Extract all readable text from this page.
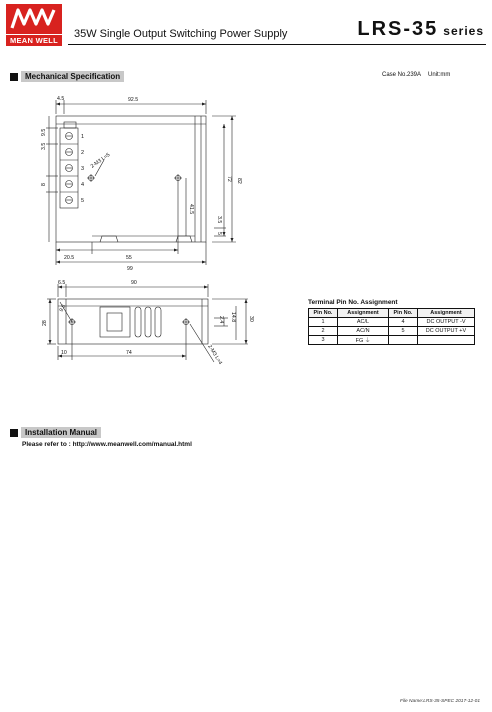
MEAN WELL
35W Single Output Switching Power Supply	LRS-35 series
Mechanical Specification	Case No.239A Unit:mm
4.5	92.5
9.5
3.5
8
20.5	55
99
82
72
41.5
3.5
5
2-M3 L=5
6.5	90
28	2.4 14.8 30
10	74	2-M3 L=4
9.5
1
2
3
4
5
Terminal Pin No. Assignment
Pin No.	Assignment	Pin No.	Assignment
1	AC/L	4	DC OUTPUT -V
2	AC/N	5	DC OUTPUT +V
3	FG ⏚		
Installation Manual
Please refer to : http://www.meanwell.com/manual.html
File Name:LRS-35-SPEC 2017-12-01
